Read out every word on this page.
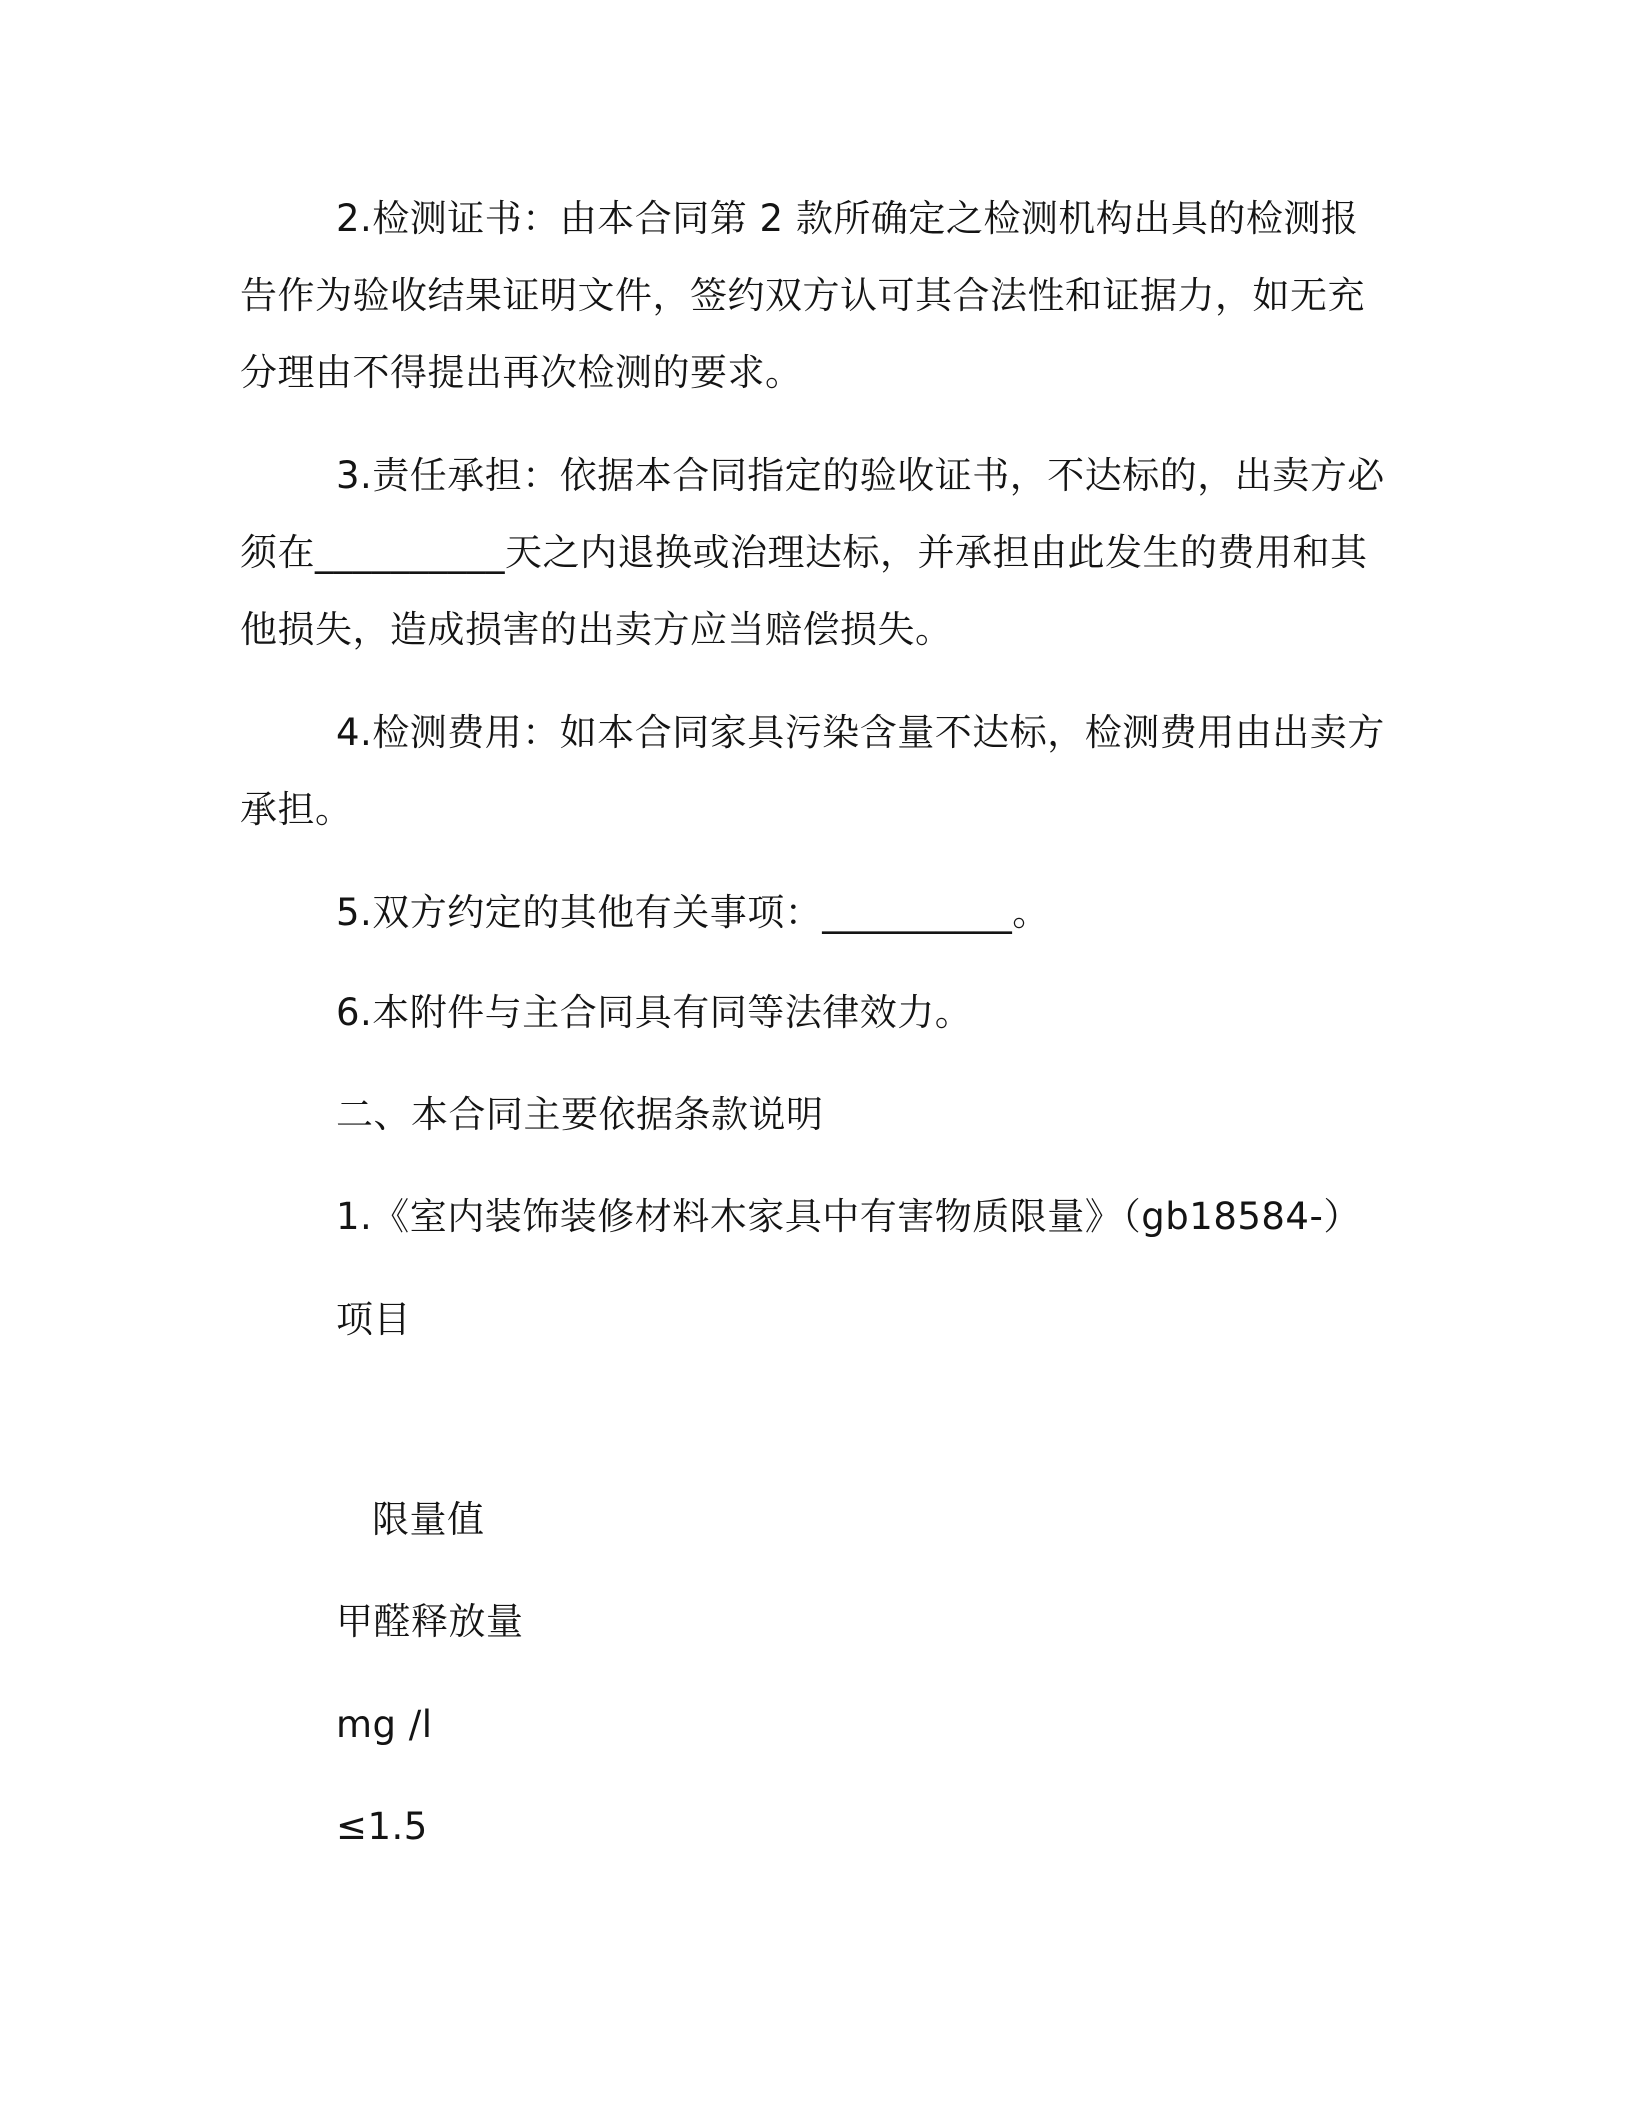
2.检测证书：由本合同第 2 款所确定之检测机构出具的检测报告作为验收结果证明文件，签约双方认可其合法性和证据力，如无充分理由不得提出再次检测的要求。

3.责任承担：依据本合同指定的验收证书，不达标的，出卖方必须在__________天之内退换或治理达标，并承担由此发生的费用和其他损失，造成损害的出卖方应当赔偿损失。

4.检测费用：如本合同家具污染含量不达标，检测费用由出卖方承担。

5.双方约定的其他有关事项：__________。

6.本附件与主合同具有同等法律效力。

二、本合同主要依据条款说明

1.《室内装饰装修材料木家具中有害物质限量》（gb18584-）

项目

限量值

甲醛释放量

mg /l

≤1.5
